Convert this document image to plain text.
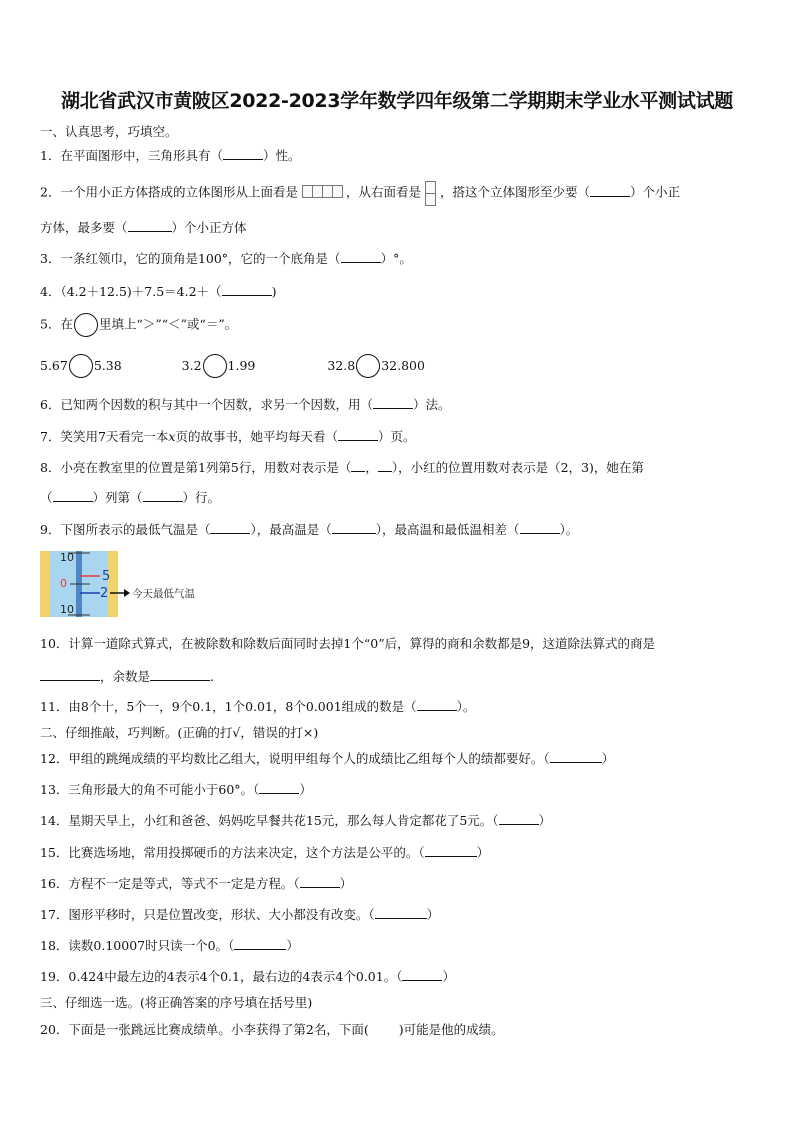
湖北省武汉市黄陂区2022-2023学年数学四年级第二学期期末学业水平测试试题
一、认真思考，巧填空。
1．在平面图形中，三角形具有（	）性。
2．一个用小正方体搭成的立体图形从上面看是	，从右面看是 ，搭这个立体图形至少要（	）个小正
方体，最多要（	）个小正方体
3．一条红领巾，它的顶角是100°，它的一个底角是（	）°。
4．（4.2＋12.5)＋7.5＝4.2＋（	)
5．在 里填上“＞”“＜”或“＝”。
5.67 5.38	3.2 1.99	32.8 32.800
6．已知两个因数的积与其中一个因数，求另一个因数，用（	）法。
7．笑笑用7天看完一本x页的故事书，她平均每天看（	）页。
8．小亮在教室里的位置是第1列第5行，用数对表示是（ ， ），小红的位置用数对表示是（2，3)，她在第
（	）列第（	）行。
9．下图所表示的最低气温是（	），最高温是（	），最高温和最低温相差（	）。
10
0
10
5
2 今天最低气温
10．计算一道除式算式，在被除数和除数后面同时去掉1个“0”后，算得的商和余数都是9，这道除法算式的商是
，余数是	.
11．由8个十，5个一，9个0.1，1个0.01，8个0.001组成的数是（	）。
二、仔细推敲，巧判断。(正确的打√，错误的打×)
12．甲组的跳绳成绩的平均数比乙组大，说明甲组每个人的成绩比乙组每个人的绩都要好。（	）
13．三角形最大的角不可能小于60°。（	）
14．星期天早上，小红和爸爸、妈妈吃早餐共花15元，那么每人肯定都花了5元。（	）
15．比赛选场地，常用投掷硬币的方法来决定，这个方法是公平的。（	）
16．方程不一定是等式，等式不一定是方程。（	）
17．图形平移时，只是位置改变，形状、大小都没有改变。（	）
18．读数0.10007时只读一个0。（	）
19．0.424中最左边的4表示4个0.1，最右边的4表示4个0.01。（	）
三、仔细选一选。(将正确答案的序号填在括号里)
20．下面是一张跳远比赛成绩单。小李获得了第2名，下面( )可能是他的成绩。
